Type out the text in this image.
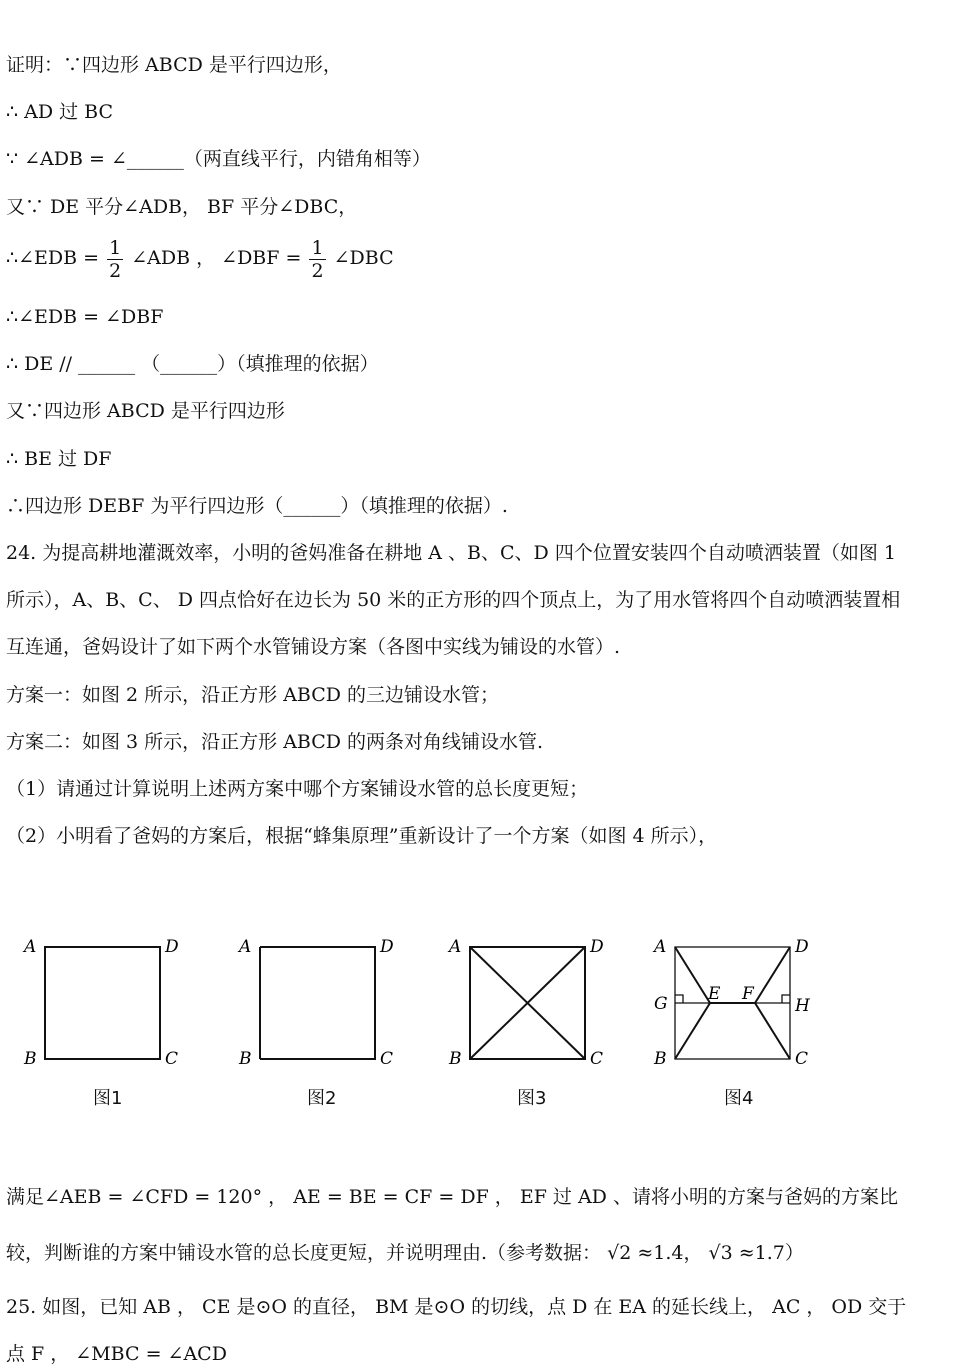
证明：∵四边形 ABCD 是平行四边形，
∴ AD 过 BC
∵ ∠ADB = ∠______（两直线平行，内错角相等）
又∵ DE 平分∠ADB， BF 平分∠DBC，
∴∠EDB = $\frac{1}{2}$ ∠ADB ， ∠DBF = $\frac{1}{2}$ ∠DBC
∴∠EDB = ∠DBF
∴ DE // ______ （______）（填推理的依据）
又∵四边形 ABCD 是平行四边形
∴ BE 过 DF
∴四边形 DEBF 为平行四边形（______）（填推理的依据）.
24. 为提高耕地灌溉效率，小明的爸妈准备在耕地 A 、B、C、D 四个位置安装四个自动喷洒装置（如图 1
所示），A、B、C、 D 四点恰好在边长为 50 米的正方形的四个顶点上，为了用水管将四个自动喷洒装置相
互连通，爸妈设计了如下两个水管铺设方案（各图中实线为铺设的水管）.
方案一：如图 2 所示，沿正方形 ABCD 的三边铺设水管；
方案二：如图 3 所示，沿正方形 ABCD 的两条对角线铺设水管.
（1）请通过计算说明上述两方案中哪个方案铺设水管的总长度更短；
（2）小明看了爸妈的方案后，根据“蜂集原理”重新设计了一个方案（如图 4 所示），
A	D
B	C
图1
A	D
B	C
图2
A	D
B	C
图3
A	D
B	C
E F
G	H
图4
满足∠AEB = ∠CFD = 120° ， AE = BE = CF = DF ， EF 过 AD 、请将小明的方案与爸妈的方案比
较，判断谁的方案中铺设水管的总长度更短，并说明理由.（参考数据： √2 ≈1.4， √3 ≈1.7）
25. 如图，已知 AB ， CE 是⊙O 的直径， BM 是⊙O 的切线，点 D 在 EA 的延长线上， AC ， OD 交于
点 F ， ∠MBC = ∠ACD
